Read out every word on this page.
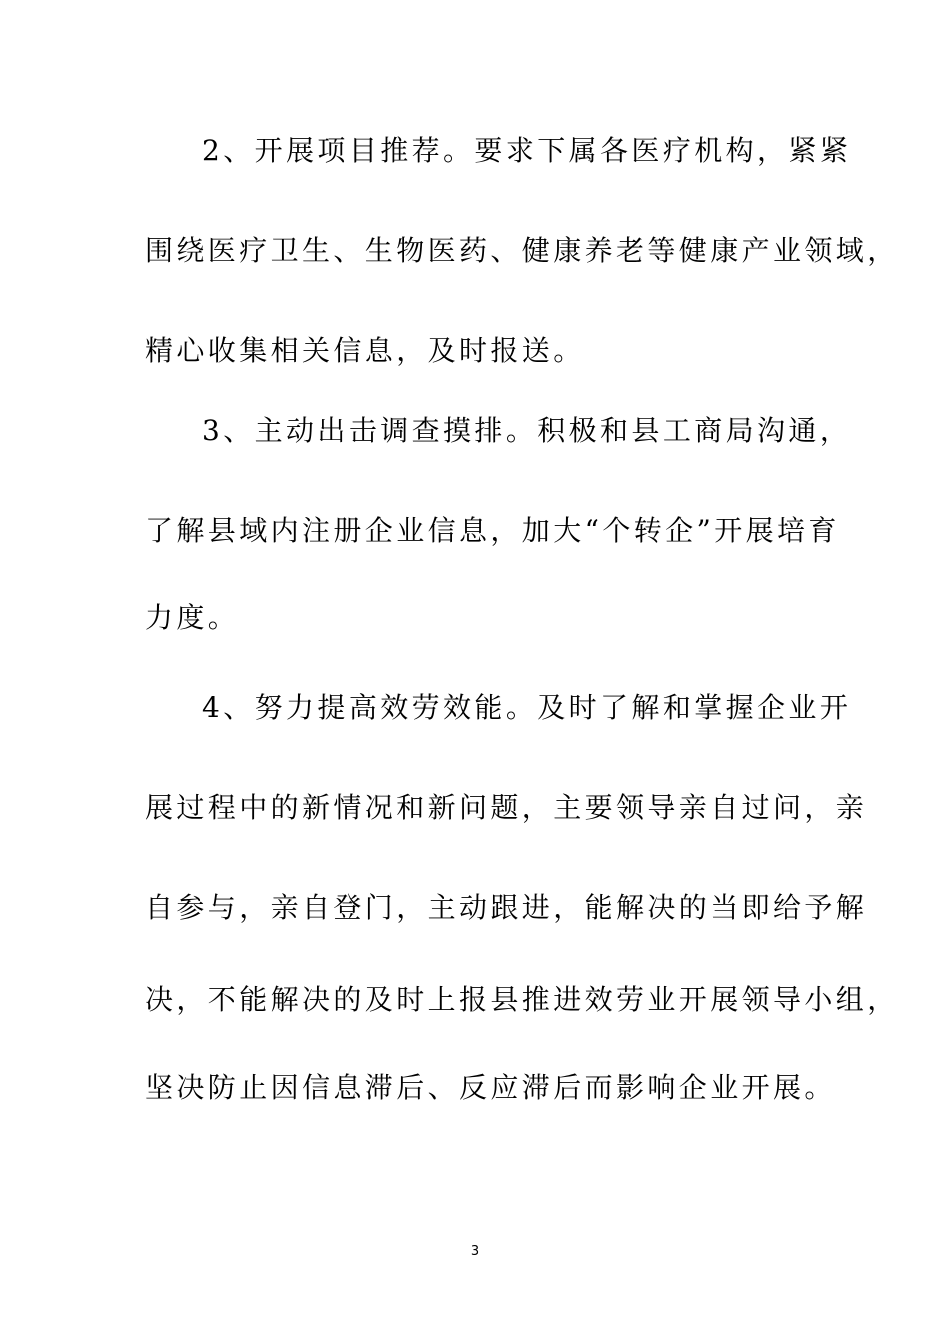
2、开展项目推荐。要求下属各医疗机构，紧紧
围绕医疗卫生、生物医药、健康养老等健康产业领域，
精心收集相关信息，及时报送。
3、主动出击调查摸排。积极和县工商局沟通，
了解县域内注册企业信息，加大“个转企”开展培育
力度。
4、努力提高效劳效能。及时了解和掌握企业开
展过程中的新情况和新问题，主要领导亲自过问，亲
自参与，亲自登门，主动跟进，能解决的当即给予解
决，不能解决的及时上报县推进效劳业开展领导小组，
坚决防止因信息滞后、反应滞后而影响企业开展。
3
